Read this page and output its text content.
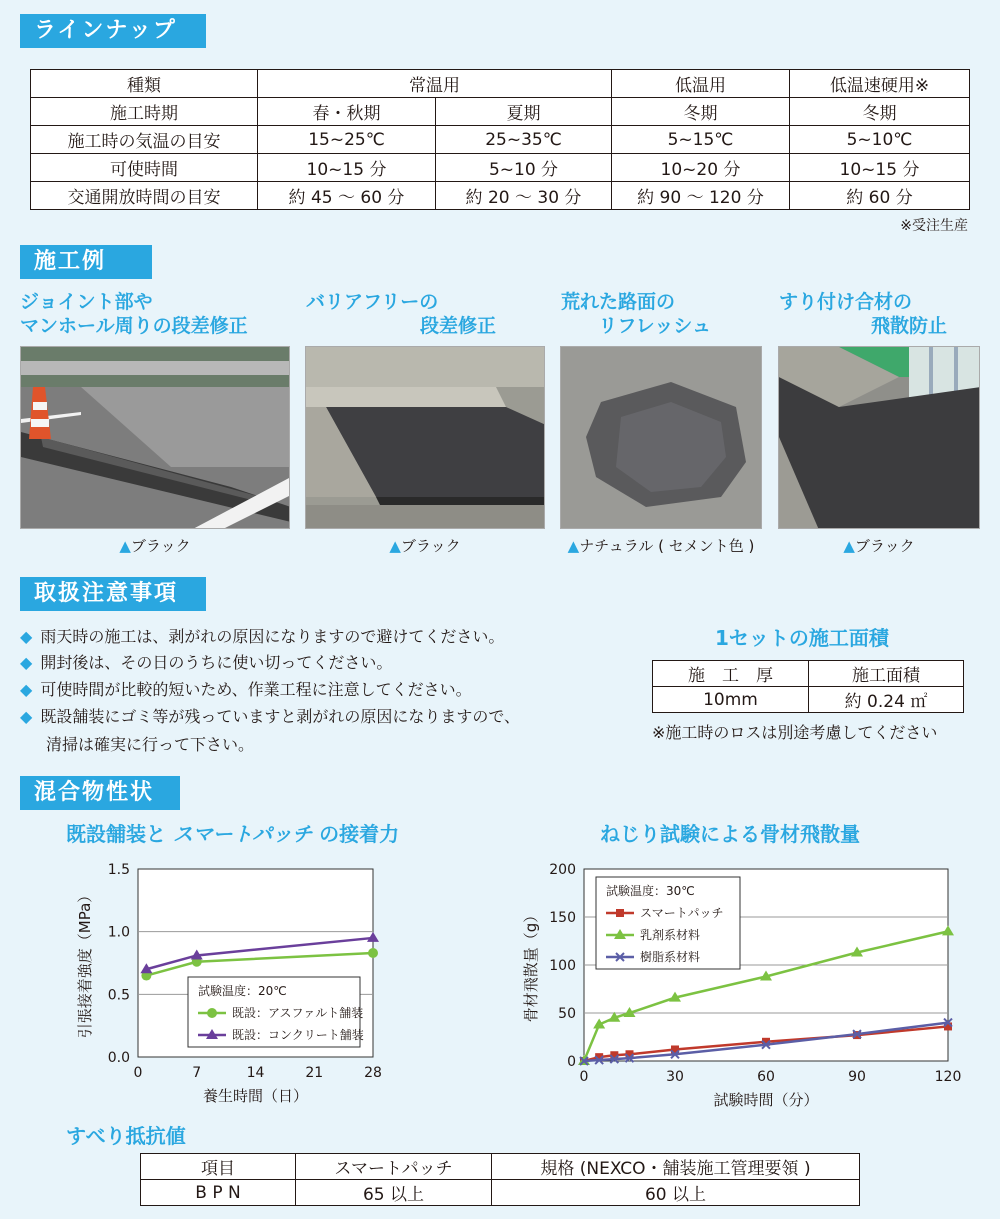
ラインナップ
種類	常温用		低温用	低温速硬用※
施工時期	春・秋期	夏期	冬期	冬期
施工時の気温の目安	15~25℃	25~35℃	5~15℃	5~10℃
可使時間	10~15 分	5~10 分	10~20 分	10~15 分
交通開放時間の目安	約 45 ～ 60 分	約 20 ～ 30 分	約 90 ～ 120 分	約 60 分
※受注生産
施工例
ジョイント部や
マンホール周りの段差修正
バリアフリーの
段差修正
荒れた路面の
リフレッシュ
すり付け合材の
飛散防止
▲ブラック	▲ブラック	▲ナチュラル ( セメント色 )	▲ブラック
取扱注意事項
◆ 雨天時の施工は、剥がれの原因になりますので避けてください。
◆ 開封後は、その日のうちに使い切ってください。
◆ 可使時間が比較的短いため、作業工程に注意してください。
◆ 既設舗装にゴミ等が残っていますと剥がれの原因になりますので、
清掃は確実に行って下さい。
1セットの施工面積
施　工　厚	施工面積
10mm	約 0.24 ㎡
※施工時のロスは別途考慮してください
混合物性状
既設舗装と スマートパッチ の接着力	ねじり試験による骨材飛散量
0.0
0.5
1.0
1.5
0	7	14	21	28
養生時間（日）
引張接着強度（MPa）	試験温度：20℃
既設：アスファルト舗装
既設：コンクリート舗装
0
50
100
150
200
0	30	60	90	120
試験時間（分）
骨材飛散量（g）
試験温度：30℃
スマートパッチ
乳剤系材料
樹脂系材料
すべり抵抗値
項目	スマートパッチ	規格 (NEXCO・舗装施工管理要領 )
B P N	65 以上	60 以上
